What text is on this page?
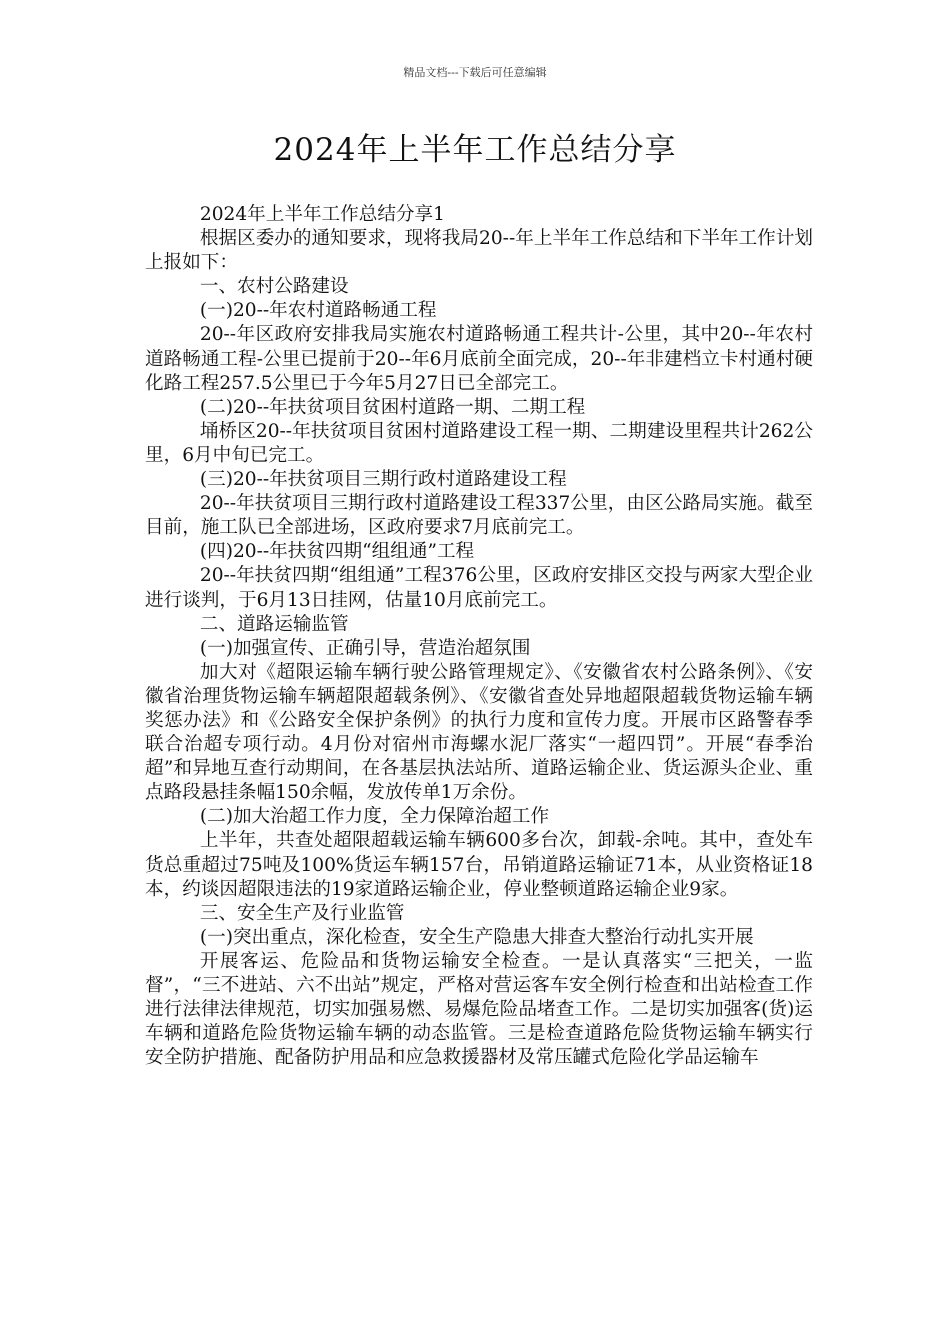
精品文档---下载后可任意编辑
2024年上半年工作总结分享

2024年上半年工作总结分享1

根据区委办的通知要求，现将我局20--年上半年工作总结和下半年工作计划上报如下：

一、农村公路建设

(一)20--年农村道路畅通工程

20--年区政府安排我局实施农村道路畅通工程共计-公里，其中20--年农村道路畅通工程-公里已提前于20--年6月底前全面完成，20--年非建档立卡村通村硬化路工程257.5公里已于今年5月27日已全部完工。

(二)20--年扶贫项目贫困村道路一期、二期工程

埇桥区20--年扶贫项目贫困村道路建设工程一期、二期建设里程共计262公里，6月中旬已完工。

(三)20--年扶贫项目三期行政村道路建设工程

20--年扶贫项目三期行政村道路建设工程337公里，由区公路局实施。截至目前，施工队已全部进场，区政府要求7月底前完工。

(四)20--年扶贫四期“组组通”工程

20--年扶贫四期“组组通”工程376公里，区政府安排区交投与两家大型企业进行谈判，于6月13日挂网，估量10月底前完工。

二、道路运输监管

(一)加强宣传、正确引导，营造治超氛围

加大对《超限运输车辆行驶公路管理规定》、《安徽省农村公路条例》、《安徽省治理货物运输车辆超限超载条例》、《安徽省查处异地超限超载货物运输车辆奖惩办法》和《公路安全保护条例》的执行力度和宣传力度。开展市区路警春季联合治超专项行动。4月份对宿州市海螺水泥厂落实“一超四罚”。开展“春季治超”和异地互查行动期间，在各基层执法站所、道路运输企业、货运源头企业、重点路段悬挂条幅150余幅，发放传单1万余份。

(二)加大治超工作力度，全力保障治超工作

上半年，共查处超限超载运输车辆600多台次，卸载-余吨。其中，查处车货总重超过75吨及100%货运车辆157台，吊销道路运输证71本，从业资格证18本，约谈因超限违法的19家道路运输企业，停业整顿道路运输企业9家。

三、安全生产及行业监管

(一)突出重点，深化检查，安全生产隐患大排查大整治行动扎实开展

开展客运、危险品和货物运输安全检查。一是认真落实“三把关，一监督”，“三不进站、六不出站”规定，严格对营运客车安全例行检查和出站检查工作进行法律法律规范，切实加强易燃、易爆危险品堵查工作。二是切实加强客(货)运车辆和道路危险货物运输车辆的动态监管。三是检查道路危险货物运输车辆实行安全防护措施、配备防护用品和应急救援器材及常压罐式危险化学品运输车
